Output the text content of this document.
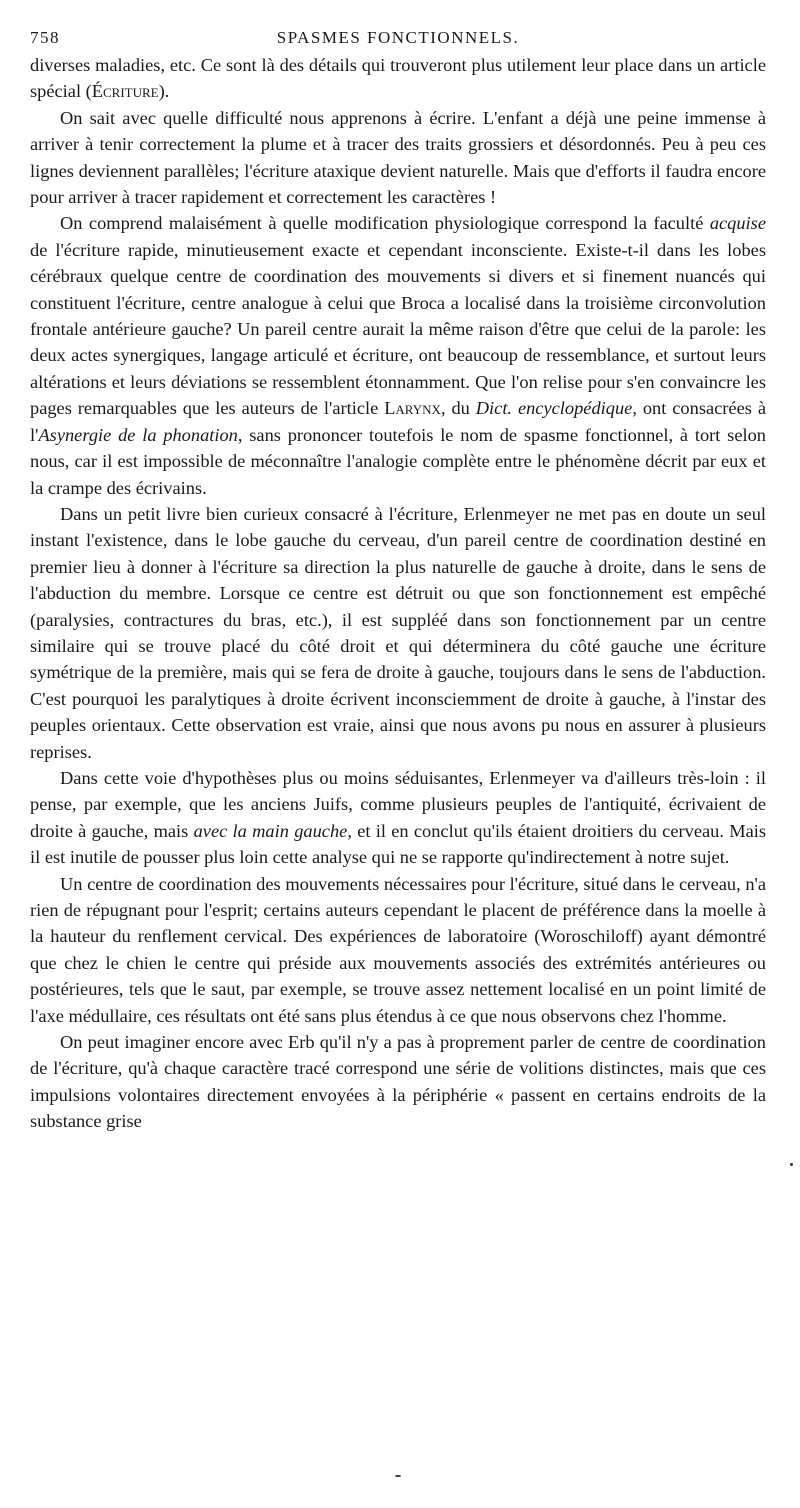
758	SPASMES FONCTIONNELS.

diverses maladies, etc. Ce sont là des détails qui trouveront plus utilement leur place dans un article spécial (Écriture).

On sait avec quelle difficulté nous apprenons à écrire. L'enfant a déjà une peine immense à arriver à tenir correctement la plume et à tracer des traits grossiers et désordonnés. Peu à peu ces lignes deviennent parallèles; l'écriture ataxique devient naturelle. Mais que d'efforts il faudra encore pour arriver à tracer rapidement et correctement les caractères !

On comprend malaisément à quelle modification physiologique correspond la faculté acquise de l'écriture rapide, minutieusement exacte et cependant inconsciente. Existe-t-il dans les lobes cérébraux quelque centre de coordination des mouvements si divers et si finement nuancés qui constituent l'écriture, centre analogue à celui que Broca a localisé dans la troisième circonvolution frontale antérieure gauche? Un pareil centre aurait la même raison d'être que celui de la parole: les deux actes synergiques, langage articulé et écriture, ont beaucoup de ressemblance, et surtout leurs altérations et leurs déviations se ressemblent étonnamment. Que l'on relise pour s'en convaincre les pages remarquables que les auteurs de l'article Larynx, du Dict. encyclopédique, ont consacrées à l'Asynergie de la phonation, sans prononcer toutefois le nom de spasme fonctionnel, à tort selon nous, car il est impossible de méconnaître l'analogie complète entre le phénomène décrit par eux et la crampe des écrivains.

Dans un petit livre bien curieux consacré à l'écriture, Erlenmeyer ne met pas en doute un seul instant l'existence, dans le lobe gauche du cerveau, d'un pareil centre de coordination destiné en premier lieu à donner à l'écriture sa direction la plus naturelle de gauche à droite, dans le sens de l'abduction du membre. Lorsque ce centre est détruit ou que son fonctionnement est empêché (paralysies, contractures du bras, etc.), il est suppléé dans son fonctionnement par un centre similaire qui se trouve placé du côté droit et qui déterminera du côté gauche une écriture symétrique de la première, mais qui se fera de droite à gauche, toujours dans le sens de l'abduction. C'est pourquoi les paralytiques à droite écrivent inconsciemment de droite à gauche, à l'instar des peuples orientaux. Cette observation est vraie, ainsi que nous avons pu nous en assurer à plusieurs reprises.

Dans cette voie d'hypothèses plus ou moins séduisantes, Erlenmeyer va d'ailleurs très-loin : il pense, par exemple, que les anciens Juifs, comme plusieurs peuples de l'antiquité, écrivaient de droite à gauche, mais avec la main gauche, et il en conclut qu'ils étaient droitiers du cerveau. Mais il est inutile de pousser plus loin cette analyse qui ne se rapporte qu'indirectement à notre sujet.

Un centre de coordination des mouvements nécessaires pour l'écriture, situé dans le cerveau, n'a rien de répugnant pour l'esprit; certains auteurs cependant le placent de préférence dans la moelle à la hauteur du renflement cervical. Des expériences de laboratoire (Woroschiloff) ayant démontré que chez le chien le centre qui préside aux mouvements associés des extrémités antérieures ou postérieures, tels que le saut, par exemple, se trouve assez nettement localisé en un point limité de l'axe médullaire, ces résultats ont été sans plus étendus à ce que nous observons chez l'homme.

On peut imaginer encore avec Erb qu'il n'y a pas à proprement parler de centre de coordination de l'écriture, qu'à chaque caractère tracé correspond une série de volitions distinctes, mais que ces impulsions volontaires directement envoyées à la périphérie « passent en certains endroits de la substance grise
